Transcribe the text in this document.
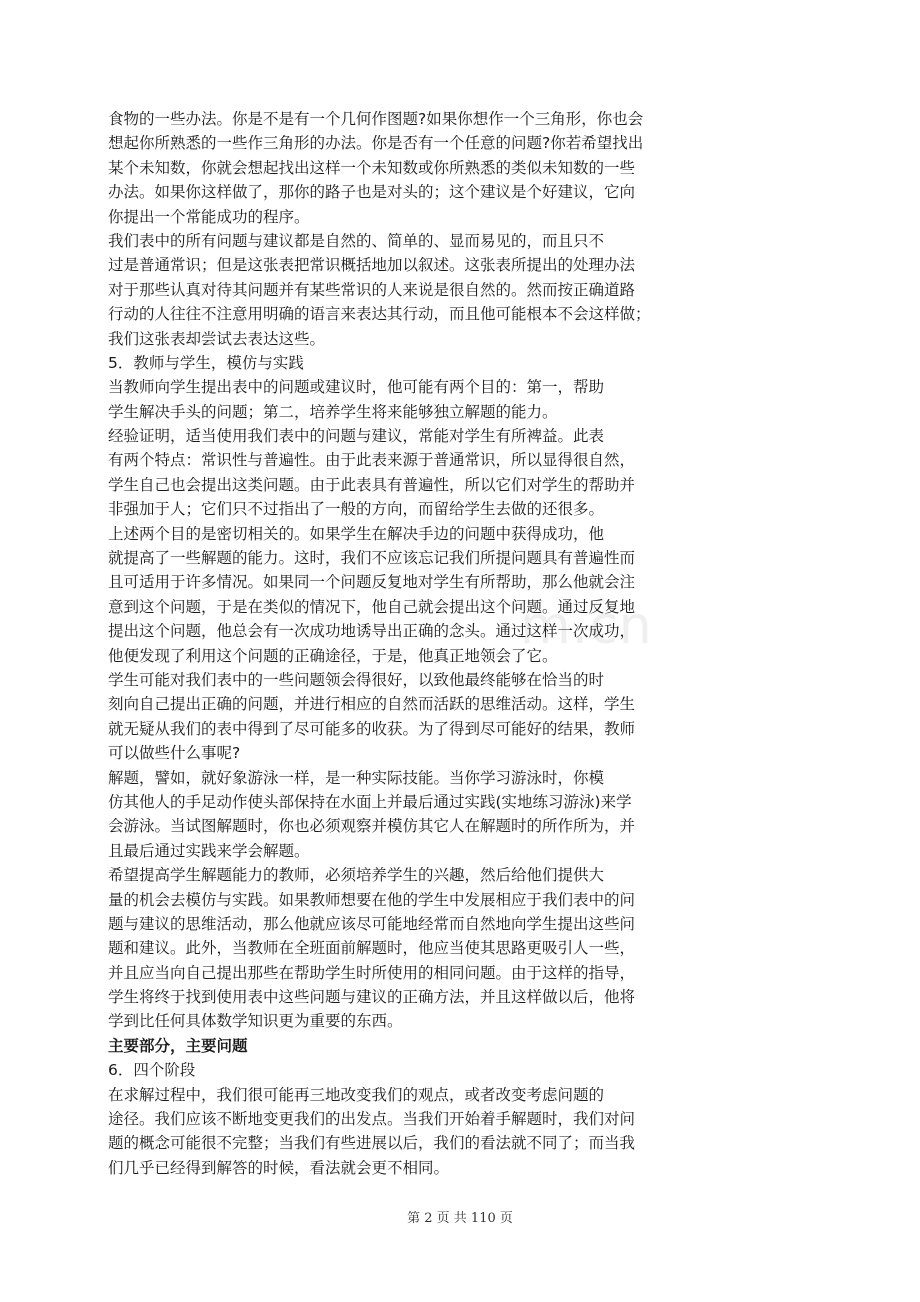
m.cn
食物的一些办法。你是不是有一个几何作图题?如果你想作一个三角形，你也会
想起你所熟悉的一些作三角形的办法。你是否有一个任意的问题?你若希望找出
某个未知数，你就会想起找出这样一个未知数或你所熟悉的类似未知数的一些
办法。如果你这样做了，那你的路子也是对头的；这个建议是个好建议，它向
你提出一个常能成功的程序。
我们表中的所有问题与建议都是自然的、简单的、显而易见的，而且只不
过是普通常识；但是这张表把常识概括地加以叙述。这张表所提出的处理办法
对于那些认真对待其问题并有某些常识的人来说是很自然的。然而按正确道路
行动的人往往不注意用明确的语言来表达其行动，而且他可能根本不会这样做；
我们这张表却尝试去表达这些。
5．教师与学生，模仿与实践
当教师向学生提出表中的问题或建议时，他可能有两个目的：第一，帮助
学生解决手头的问题；第二，培养学生将来能够独立解题的能力。
经验证明，适当使用我们表中的问题与建议，常能对学生有所裨益。此表
有两个特点：常识性与普遍性。由于此表来源于普通常识，所以显得很自然，
学生自己也会提出这类问题。由于此表具有普遍性，所以它们对学生的帮助并
非强加于人；它们只不过指出了一般的方向，而留给学生去做的还很多。
上述两个目的是密切相关的。如果学生在解决手边的问题中获得成功，他
就提高了一些解题的能力。这时，我们不应该忘记我们所提问题具有普遍性而
且可适用于许多情况。如果同一个问题反复地对学生有所帮助，那么他就会注
意到这个问题，于是在类似的情况下，他自己就会提出这个问题。通过反复地
提出这个问题，他总会有一次成功地诱导出正确的念头。通过这样一次成功，
他便发现了利用这个问题的正确途径，于是，他真正地领会了它。
学生可能对我们表中的一些问题领会得很好，以致他最终能够在恰当的时
刻向自己提出正确的问题，并进行相应的自然而活跃的思维活动。这样，学生
就无疑从我们的表中得到了尽可能多的收获。为了得到尽可能好的结果，教师
可以做些什么事呢?
解题，譬如，就好象游泳一样，是一种实际技能。当你学习游泳时，你模
仿其他人的手足动作使头部保持在水面上并最后通过实践(实地练习游泳)来学
会游泳。当试图解题时，你也必须观察并模仿其它人在解题时的所作所为，并
且最后通过实践来学会解题。
希望提高学生解题能力的教师，必须培养学生的兴趣，然后给他们提供大
量的机会去模仿与实践。如果教师想要在他的学生中发展相应于我们表中的问
题与建议的思维活动，那么他就应该尽可能地经常而自然地向学生提出这些问
题和建议。此外，当教师在全班面前解题时，他应当使其思路更吸引人一些，
并且应当向自己提出那些在帮助学生时所使用的相同问题。由于这样的指导，
学生将终于找到使用表中这些问题与建议的正确方法，并且这样做以后，他将
学到比任何具体数学知识更为重要的东西。
主要部分，主要问题
6．四个阶段
在求解过程中，我们很可能再三地改变我们的观点，或者改变考虑问题的
途径。我们应该不断地变更我们的出发点。当我们开始着手解题时，我们对问
题的概念可能很不完整；当我们有些进展以后，我们的看法就不同了；而当我
们几乎已经得到解答的时候，看法就会更不相同。
第 2 页 共 110 页
